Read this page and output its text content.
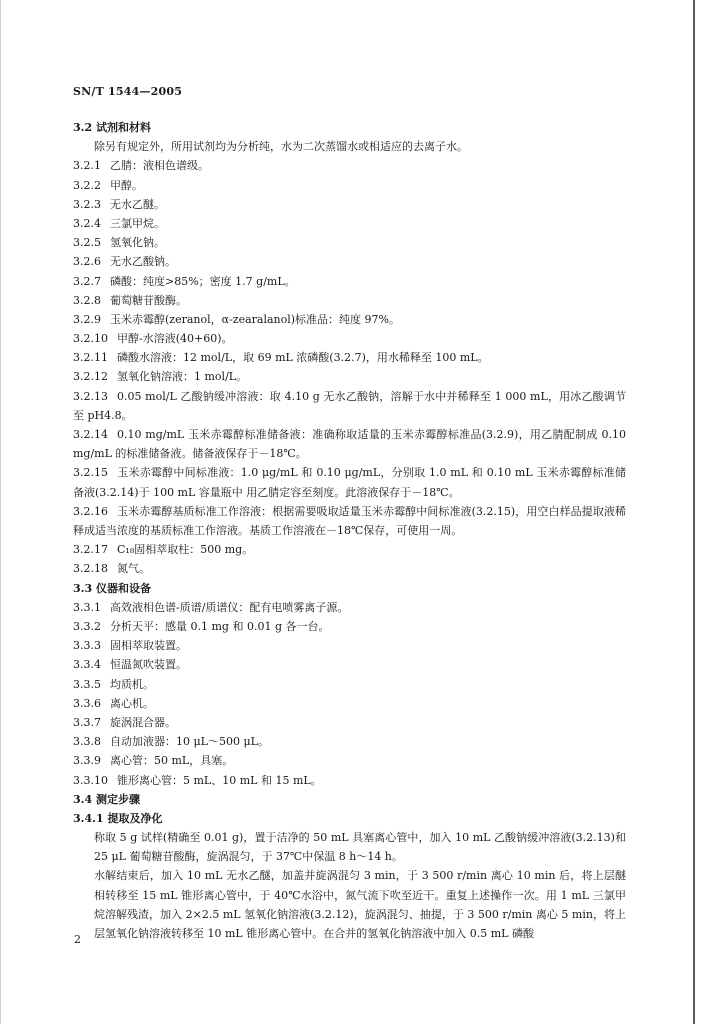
SN/T 1544—2005
3.2 试剂和材料
除另有规定外，所用试剂均为分析纯，水为二次蒸馏水或相适应的去离子水。
3.2.1 乙腈：液相色谱级。
3.2.2 甲醇。
3.2.3 无水乙醚。
3.2.4 三氯甲烷。
3.2.5 氢氧化钠。
3.2.6 无水乙酸钠。
3.2.7 磷酸：纯度>85%；密度 1.7 g/mL。
3.2.8 葡萄糖苷酸酶。
3.2.9 玉米赤霉醇(zeranol，α-zearalanol)标准品：纯度 97%。
3.2.10 甲醇-水溶液(40+60)。
3.2.11 磷酸水溶液：12 mol/L，取 69 mL 浓磷酸(3.2.7)，用水稀释至 100 mL。
3.2.12 氢氧化钠溶液：1 mol/L。
3.2.13 0.05 mol/L 乙酸钠缓冲溶液：取 4.10 g 无水乙酸钠，溶解于水中并稀释至 1 000 mL，用冰乙酸调节至 pH4.8。
3.2.14 0.10 mg/mL 玉米赤霉醇标准储备液：准确称取适量的玉米赤霉醇标准品(3.2.9)，用乙腈配制成 0.10 mg/mL 的标准储备液。储备液保存于－18℃。
3.2.15 玉米赤霉醇中间标准液：1.0 μg/mL 和 0.10 μg/mL，分别取 1.0 mL 和 0.10 mL 玉米赤霉醇标准储备液(3.2.14)于 100 mL 容量瓶中 用乙腈定容至刻度。此溶液保存于－18℃。
3.2.16 玉米赤霉醇基质标准工作溶液：根据需要吸取适量玉米赤霉醇中间标准液(3.2.15)，用空白样品提取液稀释成适当浓度的基质标准工作溶液。基质工作溶液在－18℃保存，可使用一周。
3.2.17 C₁₈固相萃取柱：500 mg。
3.2.18 氮气。
3.3 仪器和设备
3.3.1 高效液相色谱-质谱/质谱仪：配有电喷雾离子源。
3.3.2 分析天平：感量 0.1 mg 和 0.01 g 各一台。
3.3.3 固相萃取装置。
3.3.4 恒温氮吹装置。
3.3.5 均质机。
3.3.6 离心机。
3.3.7 旋涡混合器。
3.3.8 自动加液器：10 μL～500 μL。
3.3.9 离心管：50 mL，具塞。
3.3.10 锥形离心管：5 mL、10 mL 和 15 mL。
3.4 测定步骤
3.4.1 提取及净化
称取 5 g 试样(精确至 0.01 g)，置于洁净的 50 mL 具塞离心管中，加入 10 mL 乙酸钠缓冲溶液(3.2.13)和 25 μL 葡萄糖苷酸酶，旋涡混匀，于 37℃中保温 8 h～14 h。
水解结束后，加入 10 mL 无水乙醚，加盖并旋涡混匀 3 min，于 3 500 r/min 离心 10 min 后，将上层醚相转移至 15 mL 锥形离心管中，于 40℃水浴中，氮气流下吹至近干。重复上述操作一次。用 1 mL 三氯甲烷溶解残渣，加入 2×2.5 mL 氢氧化钠溶液(3.2.12)，旋涡混匀、抽提，于 3 500 r/min 离心 5 min，将上层氢氧化钠溶液转移至 10 mL 锥形离心管中。在合并的氢氧化钠溶液中加入 0.5 mL 磷酸
2
